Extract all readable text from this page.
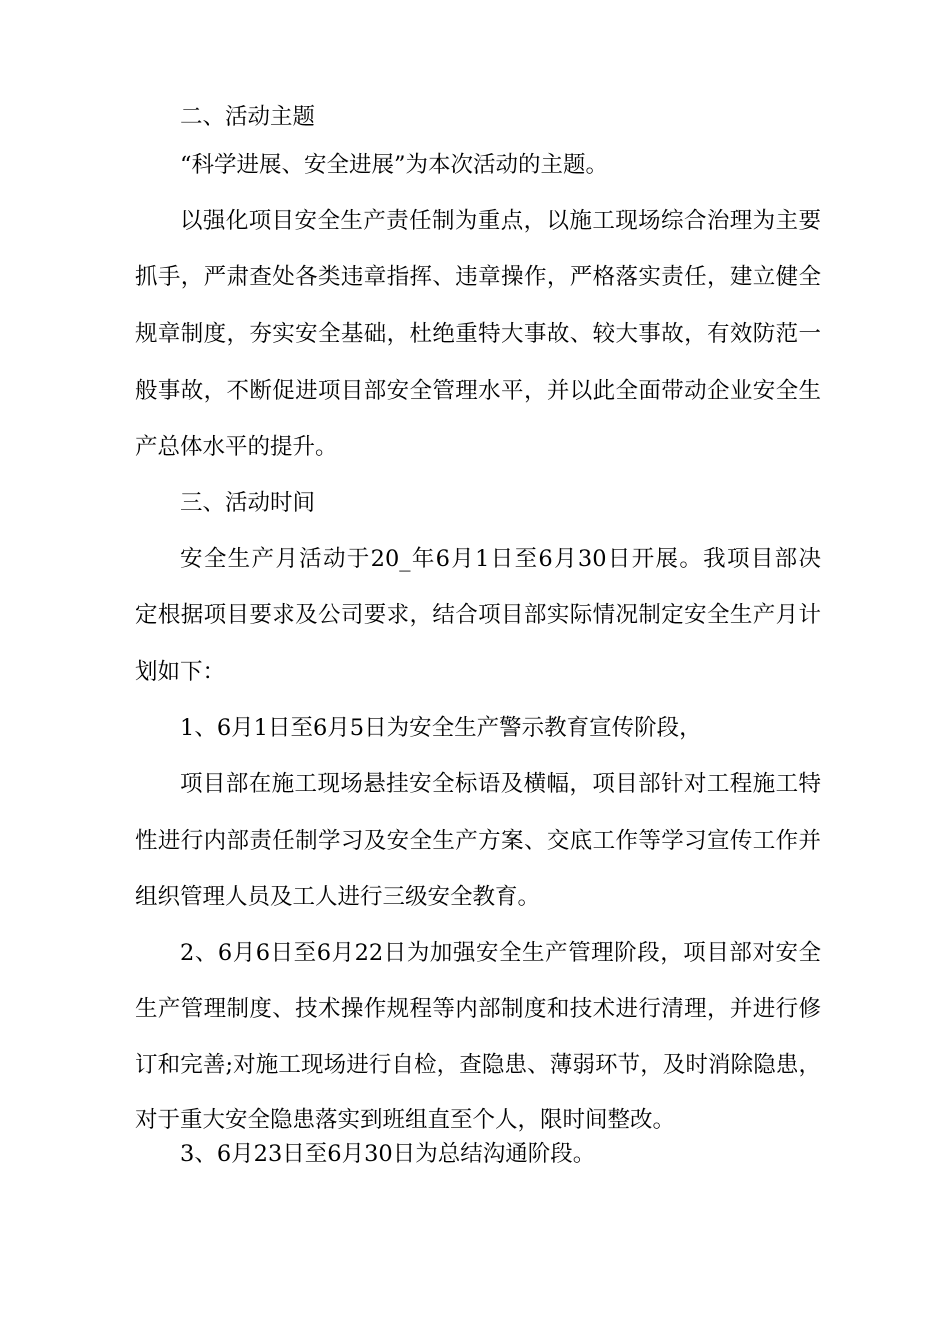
二、活动主题
“科学进展、安全进展”为本次活动的主题。
以强化项目安全生产责任制为重点，以施工现场综合治理为主要
抓手，严肃查处各类违章指挥、违章操作，严格落实责任，建立健全
规章制度，夯实安全基础，杜绝重特大事故、较大事故，有效防范一
般事故，不断促进项目部安全管理水平，并以此全面带动企业安全生
产总体水平的提升。
三、活动时间
安全生产月活动于20_年6月1日至6月30日开展。我项目部决
定根据项目要求及公司要求，结合项目部实际情况制定安全生产月计
划如下：
1、6月1日至6月5日为安全生产警示教育宣传阶段，
项目部在施工现场悬挂安全标语及横幅，项目部针对工程施工特
性进行内部责任制学习及安全生产方案、交底工作等学习宣传工作并
组织管理人员及工人进行三级安全教育。
2、6月6日至6月22日为加强安全生产管理阶段，项目部对安全
生产管理制度、技术操作规程等内部制度和技术进行清理，并进行修
订和完善;对施工现场进行自检，查隐患、薄弱环节，及时消除隐患，
对于重大安全隐患落实到班组直至个人，限时间整改。
3、6月23日至6月30日为总结沟通阶段。
